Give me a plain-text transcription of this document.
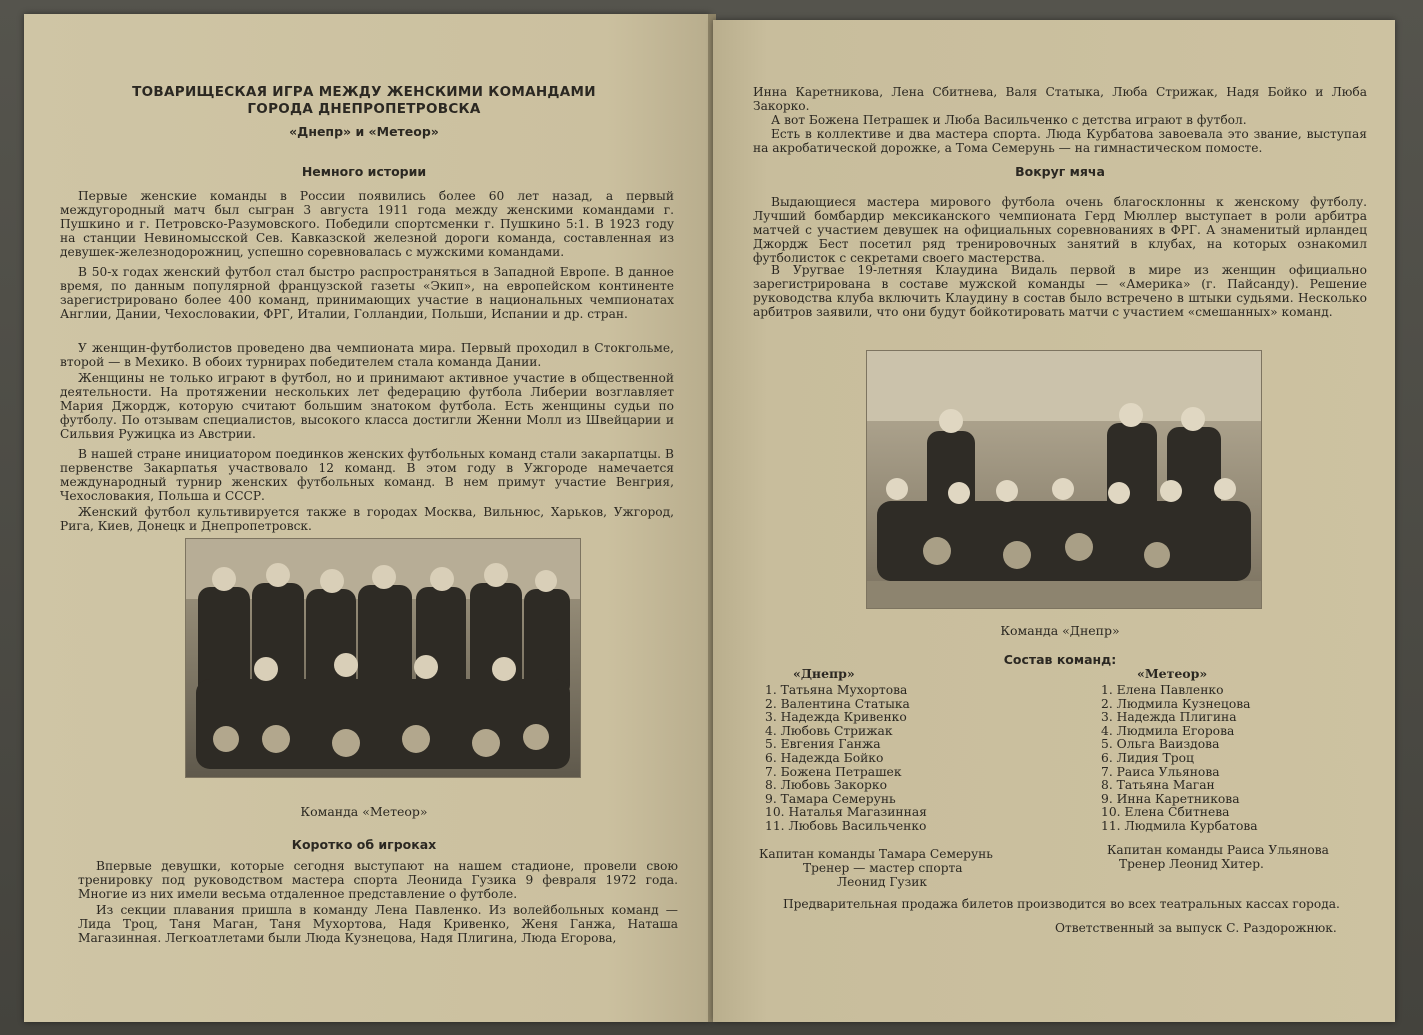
ТОВАРИЩЕСКАЯ ИГРА МЕЖДУ ЖЕНСКИМИ КОМАНДАМИ
ГОРОДА ДНЕПРОПЕТРОВСКА
«Днепр» и «Метеор»
Немного истории

Первые женские команды в России появились более 60 лет назад, а первый междугородный матч был сыгран 3 августа 1911 года между женскими командами г. Пушкино и г. Петровско-Разумовского. Победили спортсменки г. Пушкино 5:1. В 1923 году на станции Невиномысской Сев. Кавказской железной дороги команда, составленная из девушек-железнодорожниц, успешно соревновалась с мужскими командами.

В 50-х годах женский футбол стал быстро распространяться в Западной Европе. В данное время, по данным популярной французской газеты «Экип», на европейском континенте зарегистрировано более 400 команд, принимающих участие в национальных чемпионатах Англии, Дании, Чехословакии, ФРГ, Италии, Голландии, Польши, Испании и др. стран.

У женщин-футболистов проведено два чемпионата мира. Первый проходил в Стокгольме, второй — в Мехико. В обоих турнирах победителем стала команда Дании.

Женщины не только играют в футбол, но и принимают активное участие в общественной деятельности. На протяжении нескольких лет федерацию футбола Либерии возглавляет Мария Джордж, которую считают большим знатоком футбола. Есть женщины судьи по футболу. По отзывам специалистов, высокого класса достигли Женни Молл из Швейцарии и Сильвия Ружицка из Австрии.

В нашей стране инициатором поединков женских футбольных команд стали закарпатцы. В первенстве Закарпатья участвовало 12 команд. В этом году в Ужгороде намечается международный турнир женских футбольных команд. В нем примут участие Венгрия, Чехословакия, Польша и СССР.

Женский футбол культивируется также в городах Москва, Вильнюс, Харьков, Ужгород, Рига, Киев, Донецк и Днепропетровск.

Команда «Метеор»
Коротко об игроках

Впервые девушки, которые сегодня выступают на нашем стадионе, провели свою тренировку под руководством мастера спорта Леонида Гузика 9 февраля 1972 года. Многие из них имели весьма отдаленное представление о футболе.

Из секции плавания пришла в команду Лена Павленко. Из волейбольных команд — Лида Троц, Таня Маган, Таня Мухортова, Надя Кривенко, Женя Ганжа, Наташа Магазинная. Легкоатлетами были Люда Кузнецова, Надя Плигина, Люда Егорова,

Инна Каретникова, Лена Сбитнева, Валя Статыка, Люба Стрижак, Надя Бойко и Люба Закорко.

А вот Божена Петрашек и Люба Васильченко с детства играют в футбол.

Есть в коллективе и два мастера спорта. Люда Курбатова завоевала это звание, выступая на акробатической дорожке, а Тома Семерунь — на гимнастическом помосте.

Вокруг мяча

Выдающиеся мастера мирового футбола очень благосклонны к женскому футболу. Лучший бомбардир мексиканского чемпионата Герд Мюллер выступает в роли арбитра матчей с участием девушек на официальных соревнованиях в ФРГ. А знаменитый ирландец Джордж Бест посетил ряд тренировочных занятий в клубах, на которых ознакомил футболисток с секретами своего мастерства.

В Уругвае 19-летняя Клаудина Видаль первой в мире из женщин официально зарегистрирована в составе мужской команды — «Америка» (г. Пайсанду). Решение руководства клуба включить Клаудину в состав было встречено в штыки судьями. Несколько арбитров заявили, что они будут бойкотировать матчи с участием «смешанных» команд.

Команда «Днепр»
Состав команд:
«Днепр»	«Метеор»
1. Татьяна Мухортова
2. Валентина Статыка
3. Надежда Кривенко
4. Любовь Стрижак
5. Евгения Ганжа
6. Надежда Бойко
7. Божена Петрашек
8. Любовь Закорко
9. Тамара Семерунь
10. Наталья Магазинная
11. Любовь Васильченко
1. Елена Павленко
2. Людмила Кузнецова
3. Надежда Плигина
4. Людмила Егорова
5. Ольга Ваиздова
6. Лидия Троц
7. Раиса Ульянова
8. Татьяна Маган
9. Инна Каретникова
10. Елена Сбитнева
11. Людмила Курбатова
Капитан команды Тамара Семерунь
Тренер — мастер спорта
Леонид Гузик
Капитан команды Раиса Ульянова
Тренер Леонид Хитер.

Предварительная продажа билетов производится во всех театральных кассах города.

Ответственный за выпуск С. Раздорожнюк.
